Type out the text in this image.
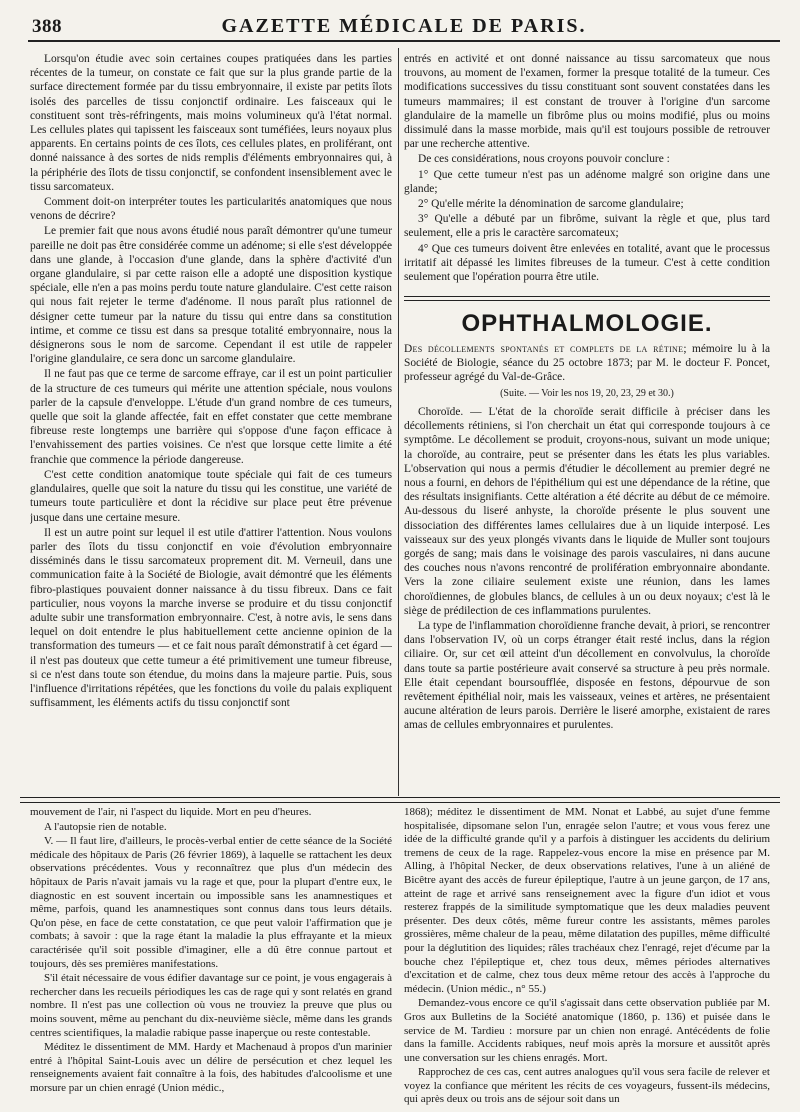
388	GAZETTE MÉDICALE DE PARIS.

Lorsqu'on étudie avec soin certaines coupes pratiquées dans les parties récentes de la tumeur, on constate ce fait que sur la plus grande partie de la surface directement formée par du tissu embryonnaire, il existe par petits îlots isolés des parcelles de tissu conjonctif ordinaire. Les faisceaux qui le constituent sont très-réfringents, mais moins volumineux qu'à l'état normal. Les cellules plates qui tapissent les faisceaux sont tuméfiées, leurs noyaux plus apparents. En certains points de ces îlots, ces cellules plates, en proliférant, ont donné naissance à des sortes de nids remplis d'éléments embryonnaires qui, à la périphérie des îlots de tissu conjonctif, se confondent insensiblement avec le tissu sarcomateux.

Comment doit-on interpréter toutes les particularités anatomiques que nous venons de décrire?

Le premier fait que nous avons étudié nous paraît démontrer qu'une tumeur pareille ne doit pas être considérée comme un adénome; si elle s'est développée dans une glande, à l'occasion d'une glande, dans la sphère d'activité d'un organe glandulaire, si par cette raison elle a adopté une disposition kystique spéciale, elle n'en a pas moins perdu toute nature glandulaire. C'est cette raison qui nous fait rejeter le terme d'adénome. Il nous paraît plus rationnel de désigner cette tumeur par la nature du tissu qui entre dans sa constitution intime, et comme ce tissu est dans sa presque totalité embryonnaire, nous la désignerons sous le nom de sarcome. Cependant il est utile de rappeler l'origine glandulaire, ce sera donc un sarcome glandulaire.

Il ne faut pas que ce terme de sarcome effraye, car il est un point particulier de la structure de ces tumeurs qui mérite une attention spéciale, nous voulons parler de la capsule d'enveloppe. L'étude d'un grand nombre de ces tumeurs, quelle que soit la glande affectée, fait en effet constater que cette membrane fibreuse reste longtemps une barrière qui s'oppose d'une façon efficace à l'envahissement des parties voisines. Ce n'est que lorsque cette limite a été franchie que commence la période dangereuse.

C'est cette condition anatomique toute spéciale qui fait de ces tumeurs glandulaires, quelle que soit la nature du tissu qui les constitue, une variété de tumeurs toute particulière et dont la récidive sur place peut être prévenue jusque dans une certaine mesure.

Il est un autre point sur lequel il est utile d'attirer l'attention. Nous voulons parler des îlots du tissu conjonctif en voie d'évolution embryonnaire disséminés dans le tissu sarcomateux proprement dit. M. Verneuil, dans une communication faite à la Société de Biologie, avait démontré que les éléments fibro-plastiques pouvaient donner naissance à du tissu fibreux. Dans ce fait particulier, nous voyons la marche inverse se produire et du tissu conjonctif adulte subir une transformation embryonnaire. C'est, à notre avis, le sens dans lequel on doit entendre le plus habituellement cette ancienne opinion de la transformation des tumeurs — et ce fait nous paraît démonstratif à cet égard — il n'est pas douteux que cette tumeur a été primitivement une tumeur fibreuse, si ce n'est dans toute son étendue, du moins dans la majeure partie. Puis, sous l'influence d'irritations répétées, que les fonctions du voile du palais expliquent suffisamment, les éléments actifs du tissu conjonctif sont

entrés en activité et ont donné naissance au tissu sarcomateux que nous trouvons, au moment de l'examen, former la presque totalité de la tumeur. Ces modifications successives du tissu constituant sont souvent constatées dans les tumeurs mammaires; il est constant de trouver à l'origine d'un sarcome glandulaire de la mamelle un fibrôme plus ou moins modifié, plus ou moins dissimulé dans la masse morbide, mais qu'il est toujours possible de retrouver par une recherche attentive.

De ces considérations, nous croyons pouvoir conclure :

1° Que cette tumeur n'est pas un adénome malgré son origine dans une glande;

2° Qu'elle mérite la dénomination de sarcome glandulaire;

3° Qu'elle a débuté par un fibrôme, suivant la règle et que, plus tard seulement, elle a pris le caractère sarcomateux;

4° Que ces tumeurs doivent être enlevées en totalité, avant que le processus irritatif ait dépassé les limites fibreuses de la tumeur. C'est à cette condition seulement que l'opération pourra être utile.

OPHTHALMOLOGIE.
Des décollements spontanés et complets de la rétine; mémoire lu à la Société de Biologie, séance du 25 octobre 1873; par M. le docteur F. Poncet, professeur agrégé du Val-de-Grâce.
(Suite. — Voir les nos 19, 20, 23, 29 et 30.)

Choroïde. — L'état de la choroïde serait difficile à préciser dans les décollements rétiniens, si l'on cherchait un état qui corresponde toujours à ce symptôme. Le décollement se produit, croyons-nous, suivant un mode unique; la choroïde, au contraire, peut se présenter dans les états les plus variables. L'observation qui nous a permis d'étudier le décollement au premier degré ne nous a fourni, en dehors de l'épithélium qui est une dépendance de la rétine, que des résultats insignifiants. Cette altération a été décrite au début de ce mémoire. Au-dessous du liseré anhyste, la choroïde présente le plus souvent une dissociation des différentes lames cellulaires due à un liquide interposé. Les vaisseaux sur des yeux plongés vivants dans le liquide de Muller sont toujours gorgés de sang; mais dans le voisinage des parois vasculaires, ni dans aucune des couches nous n'avons rencontré de prolifération embryonnaire abondante. Vers la zone ciliaire seulement existe une réunion, dans les lames choroïdiennes, de globules blancs, de cellules à un ou deux noyaux; c'est là le siège de prédilection de ces inflammations purulentes.

La type de l'inflammation choroïdienne franche devait, à priori, se rencontrer dans l'observation IV, où un corps étranger était resté inclus, dans la région ciliaire. Or, sur cet œil atteint d'un décollement en convolvulus, la choroïde dans toute sa partie postérieure avait conservé sa structure à peu près normale. Elle était cependant boursoufflée, disposée en festons, dépourvue de son revêtement épithélial noir, mais les vaisseaux, veines et artères, ne présentaient aucune altération de leurs parois. Derrière le liseré amorphe, existaient de rares amas de cellules embryonnaires et purulentes.

mouvement de l'air, ni l'aspect du liquide. Mort en peu d'heures.

A l'autopsie rien de notable.

V. — Il faut lire, d'ailleurs, le procès-verbal entier de cette séance de la Société médicale des hôpitaux de Paris (26 février 1869), à laquelle se rattachent les deux observations précédentes. Vous y reconnaîtrez que plus d'un médecin des hôpitaux de Paris n'avait jamais vu la rage et que, pour la plupart d'entre eux, le diagnostic en est souvent incertain ou impossible sans les anamnestiques et même, parfois, quand les anamnestiques sont connus dans tous leurs détails. Qu'on pèse, en face de cette constatation, ce que peut valoir l'affirmation que je combats; à savoir : que la rage étant la maladie la plus effrayante et la mieux caractérisée qu'il soit possible d'imaginer, elle a dû être connue partout et toujours, dès ses premières manifestations.

S'il était nécessaire de vous édifier davantage sur ce point, je vous engagerais à rechercher dans les recueils périodiques les cas de rage qui y sont relatés en grand nombre. Il n'est pas une collection où vous ne trouviez la preuve que plus ou moins souvent, même au penchant du dix-neuvième siècle, même dans les grands centres scientifiques, la maladie rabique passe inaperçue ou reste contestable.

Méditez le dissentiment de MM. Hardy et Machenaud à propos d'un marinier entré à l'hôpital Saint-Louis avec un délire de persécution et chez lequel les renseignements avaient fait connaître à la fois, des habitudes d'alcoolisme et une morsure par un chien enragé (Union médic.,

1868); méditez le dissentiment de MM. Nonat et Labbé, au sujet d'une femme hospitalisée, dipsomane selon l'un, enragée selon l'autre; et vous vous ferez une idée de la difficulté grande qu'il y a parfois à distinguer les accidents du delirium tremens de ceux de la rage. Rappelez-vous encore la mise en présence par M. Alling, à l'hôpital Necker, de deux observations relatives, l'une à un aliéné de Bicêtre ayant des accès de fureur épileptique, l'autre à un jeune garçon, de 17 ans, atteint de rage et arrivé sans renseignement avec la figure d'un idiot et vous resterez frappés de la similitude symptomatique que les deux maladies peuvent présenter. Des deux côtés, même fureur contre les assistants, mêmes paroles grossières, même chaleur de la peau, même dilatation des pupilles, même difficulté pour la déglutition des liquides; râles trachéaux chez l'enragé, rejet d'écume par la bouche chez l'épileptique et, chez tous deux, mêmes périodes alternatives d'excitation et de calme, chez tous deux même retour des accès à l'approche du médecin. (Union médic., n° 55.)

Demandez-vous encore ce qu'il s'agissait dans cette observation publiée par M. Gros aux Bulletins de la Société anatomique (1860, p. 136) et puisée dans le service de M. Tardieu : morsure par un chien non enragé. Antécédents de folie dans la famille. Accidents rabiques, neuf mois après la morsure et aussitôt après une conversation sur les chiens enragés. Mort.

Rapprochez de ces cas, cent autres analogues qu'il vous sera facile de relever et voyez la confiance que méritent les récits de ces voyageurs, fussent-ils médecins, qui après deux ou trois ans de séjour soit dans un
